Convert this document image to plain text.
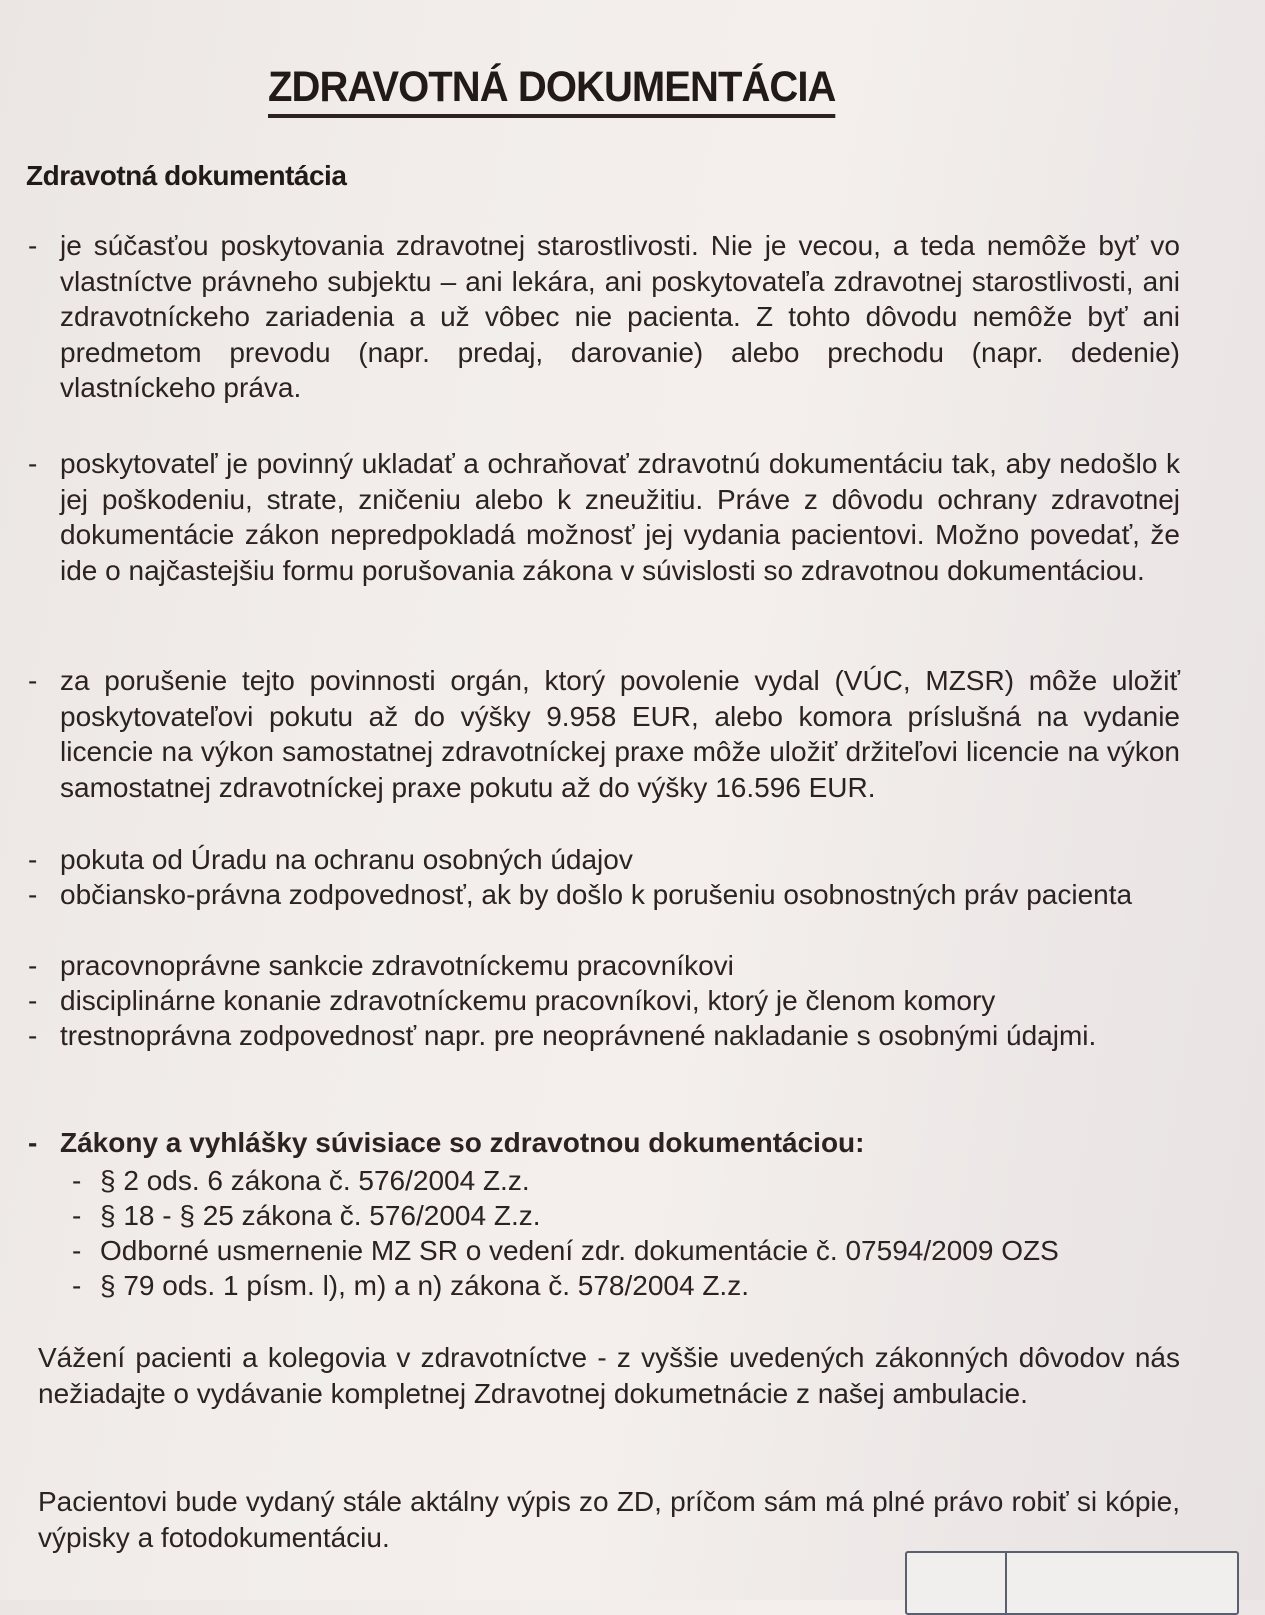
ZDRAVOTNÁ DOKUMENTÁCIA
Zdravotná dokumentácia
- je súčasťou poskytovania zdravotnej starostlivosti. Nie je vecou, a teda nemôže byť vo vlastníctve právneho subjektu – ani lekára, ani poskytovateľa zdravotnej starostlivosti, ani zdravotníckeho zariadenia a už vôbec nie pacienta. Z tohto dôvodu nemôže byť ani predmetom prevodu (napr. predaj, darovanie) alebo prechodu (napr. dedenie) vlastníckeho práva.
- poskytovateľ je povinný ukladať a ochraňovať zdravotnú dokumentáciu tak, aby nedošlo k jej poškodeniu, strate, zničeniu alebo k zneužitiu. Práve z dôvodu ochrany zdravotnej dokumentácie zákon nepredpokladá možnosť jej vydania pacientovi. Možno povedať, že ide o najčastejšiu formu porušovania zákona v súvislosti so zdravotnou dokumentáciou.
- za porušenie tejto povinnosti orgán, ktorý povolenie vydal (VÚC, MZSR) môže uložiť poskytovateľovi pokutu až do výšky 9.958 EUR, alebo komora príslušná na vydanie licencie na výkon samostatnej zdravotníckej praxe môže uložiť držiteľovi licencie na výkon samostatnej zdravotníckej praxe pokutu až do výšky 16.596 EUR.
- pokuta od Úradu na ochranu osobných údajov
- občiansko-právna zodpovednosť, ak by došlo k porušeniu osobnostných práv pacienta
- pracovnoprávne sankcie zdravotníckemu pracovníkovi
- disciplinárne konanie zdravotníckemu pracovníkovi, ktorý je členom komory
- trestnoprávna zodpovednosť napr. pre neoprávnené nakladanie s osobnými údajmi.
- Zákony a vyhlášky súvisiace so zdravotnou dokumentáciou:
- § 2 ods. 6 zákona č. 576/2004 Z.z.
- § 18 - § 25 zákona č. 576/2004 Z.z.
- Odborné usmernenie MZ SR o vedení zdr. dokumentácie č. 07594/2009 OZS
- § 79 ods. 1 písm. l), m) a n) zákona č. 578/2004 Z.z.
Vážení pacienti a kolegovia v zdravotníctve - z vyššie uvedených zákonných dôvodov nás nežiadajte o vydávanie kompletnej Zdravotnej dokumetnácie z našej ambulacie.
Pacientovi bude vydaný stále aktálny výpis zo ZD, príčom sám má plné právo robiť si kópie, výpisky a fotodokumentáciu.
